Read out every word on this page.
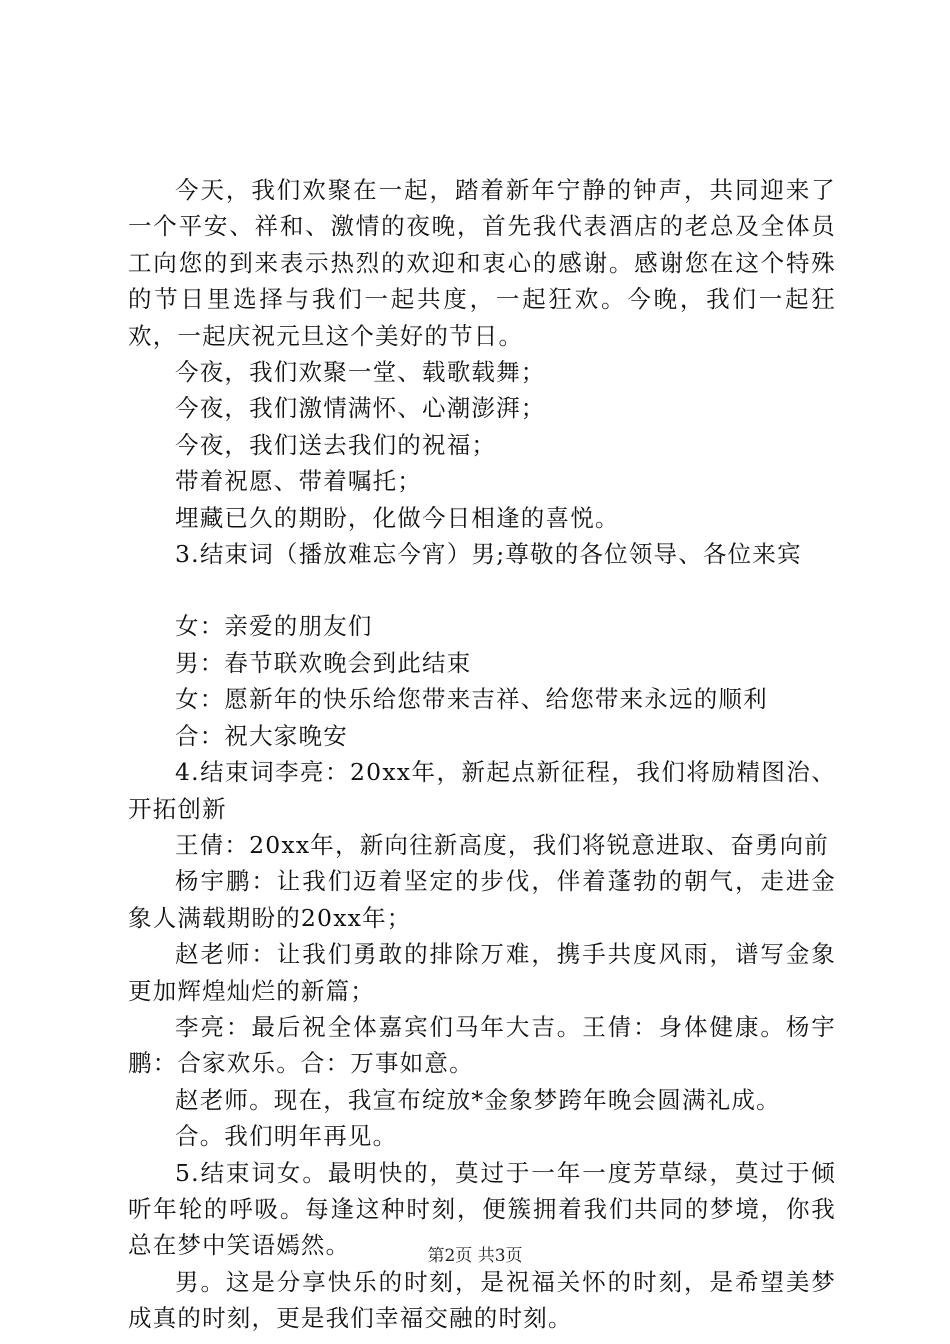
今天，我们欢聚在一起，踏着新年宁静的钟声，共同迎来了一个平安、祥和、激情的夜晚，首先我代表酒店的老总及全体员工向您的到来表示热烈的欢迎和衷心的感谢。感谢您在这个特殊的节日里选择与我们一起共度，一起狂欢。今晚，我们一起狂欢，一起庆祝元旦这个美好的节日。

今夜，我们欢聚一堂、载歌载舞；

今夜，我们激情满怀、心潮澎湃；

今夜，我们送去我们的祝福；

带着祝愿、带着嘱托；

埋藏已久的期盼，化做今日相逢的喜悦。

3.结束词（播放难忘今宵）男;尊敬的各位领导、各位来宾

女：亲爱的朋友们

男：春节联欢晚会到此结束

女：愿新年的快乐给您带来吉祥、给您带来永远的顺利

合：祝大家晚安

4.结束词李亮：20xx年，新起点新征程，我们将励精图治、开拓创新

王倩：20xx年，新向往新高度，我们将锐意进取、奋勇向前

杨宇鹏：让我们迈着坚定的步伐，伴着蓬勃的朝气，走进金象人满载期盼的20xx年；

赵老师：让我们勇敢的排除万难，携手共度风雨，谱写金象更加辉煌灿烂的新篇；

李亮：最后祝全体嘉宾们马年大吉。王倩：身体健康。杨宇鹏：合家欢乐。合：万事如意。

赵老师。现在，我宣布绽放*金象梦跨年晚会圆满礼成。

合。我们明年再见。

5.结束词女。最明快的，莫过于一年一度芳草绿，莫过于倾听年轮的呼吸。每逢这种时刻，便簇拥着我们共同的梦境，你我总在梦中笑语嫣然。

男。这是分享快乐的时刻，是祝福关怀的时刻，是希望美梦成真的时刻，更是我们幸福交融的时刻。

第2页 共3页
